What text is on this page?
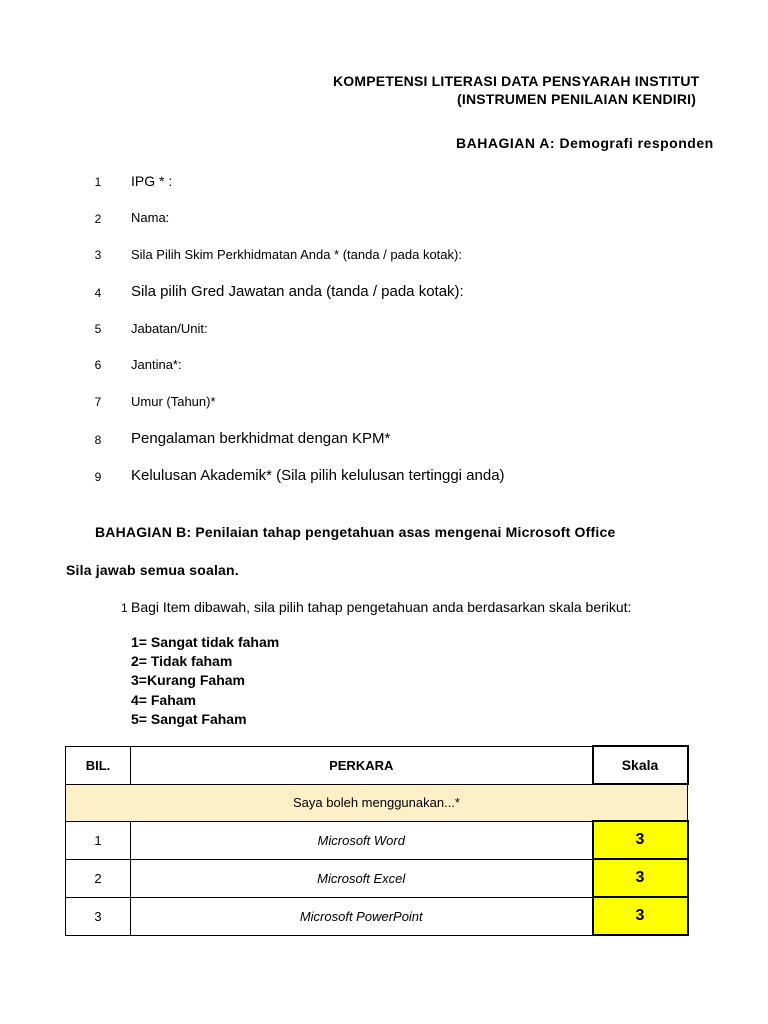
KOMPETENSI LITERASI DATA PENSYARAH INSTITUT
(INSTRUMEN PENILAIAN KENDIRI)
BAHAGIAN A: Demografi responden
1 IPG * :
2 Nama:
3 Sila Pilih Skim Perkhidmatan Anda * (tanda / pada kotak):
4 Sila pilih Gred Jawatan anda (tanda / pada kotak):
5 Jabatan/Unit:
6 Jantina*:
7 Umur (Tahun)*
8 Pengalaman berkhidmat dengan KPM*
9 Kelulusan Akademik* (Sila pilih kelulusan tertinggi anda)
BAHAGIAN B: Penilaian tahap pengetahuan asas mengenai Microsoft Office
Sila jawab semua soalan.
1 Bagi Item dibawah, sila pilih tahap pengetahuan anda berdasarkan skala berikut:
1= Sangat tidak faham
2= Tidak faham
3=Kurang Faham
4= Faham
5= Sangat Faham
BIL.	PERKARA	Skala
Saya boleh menggunakan...*		
1	Microsoft Word	3
2	Microsoft Excel	3
3	Microsoft PowerPoint	3
